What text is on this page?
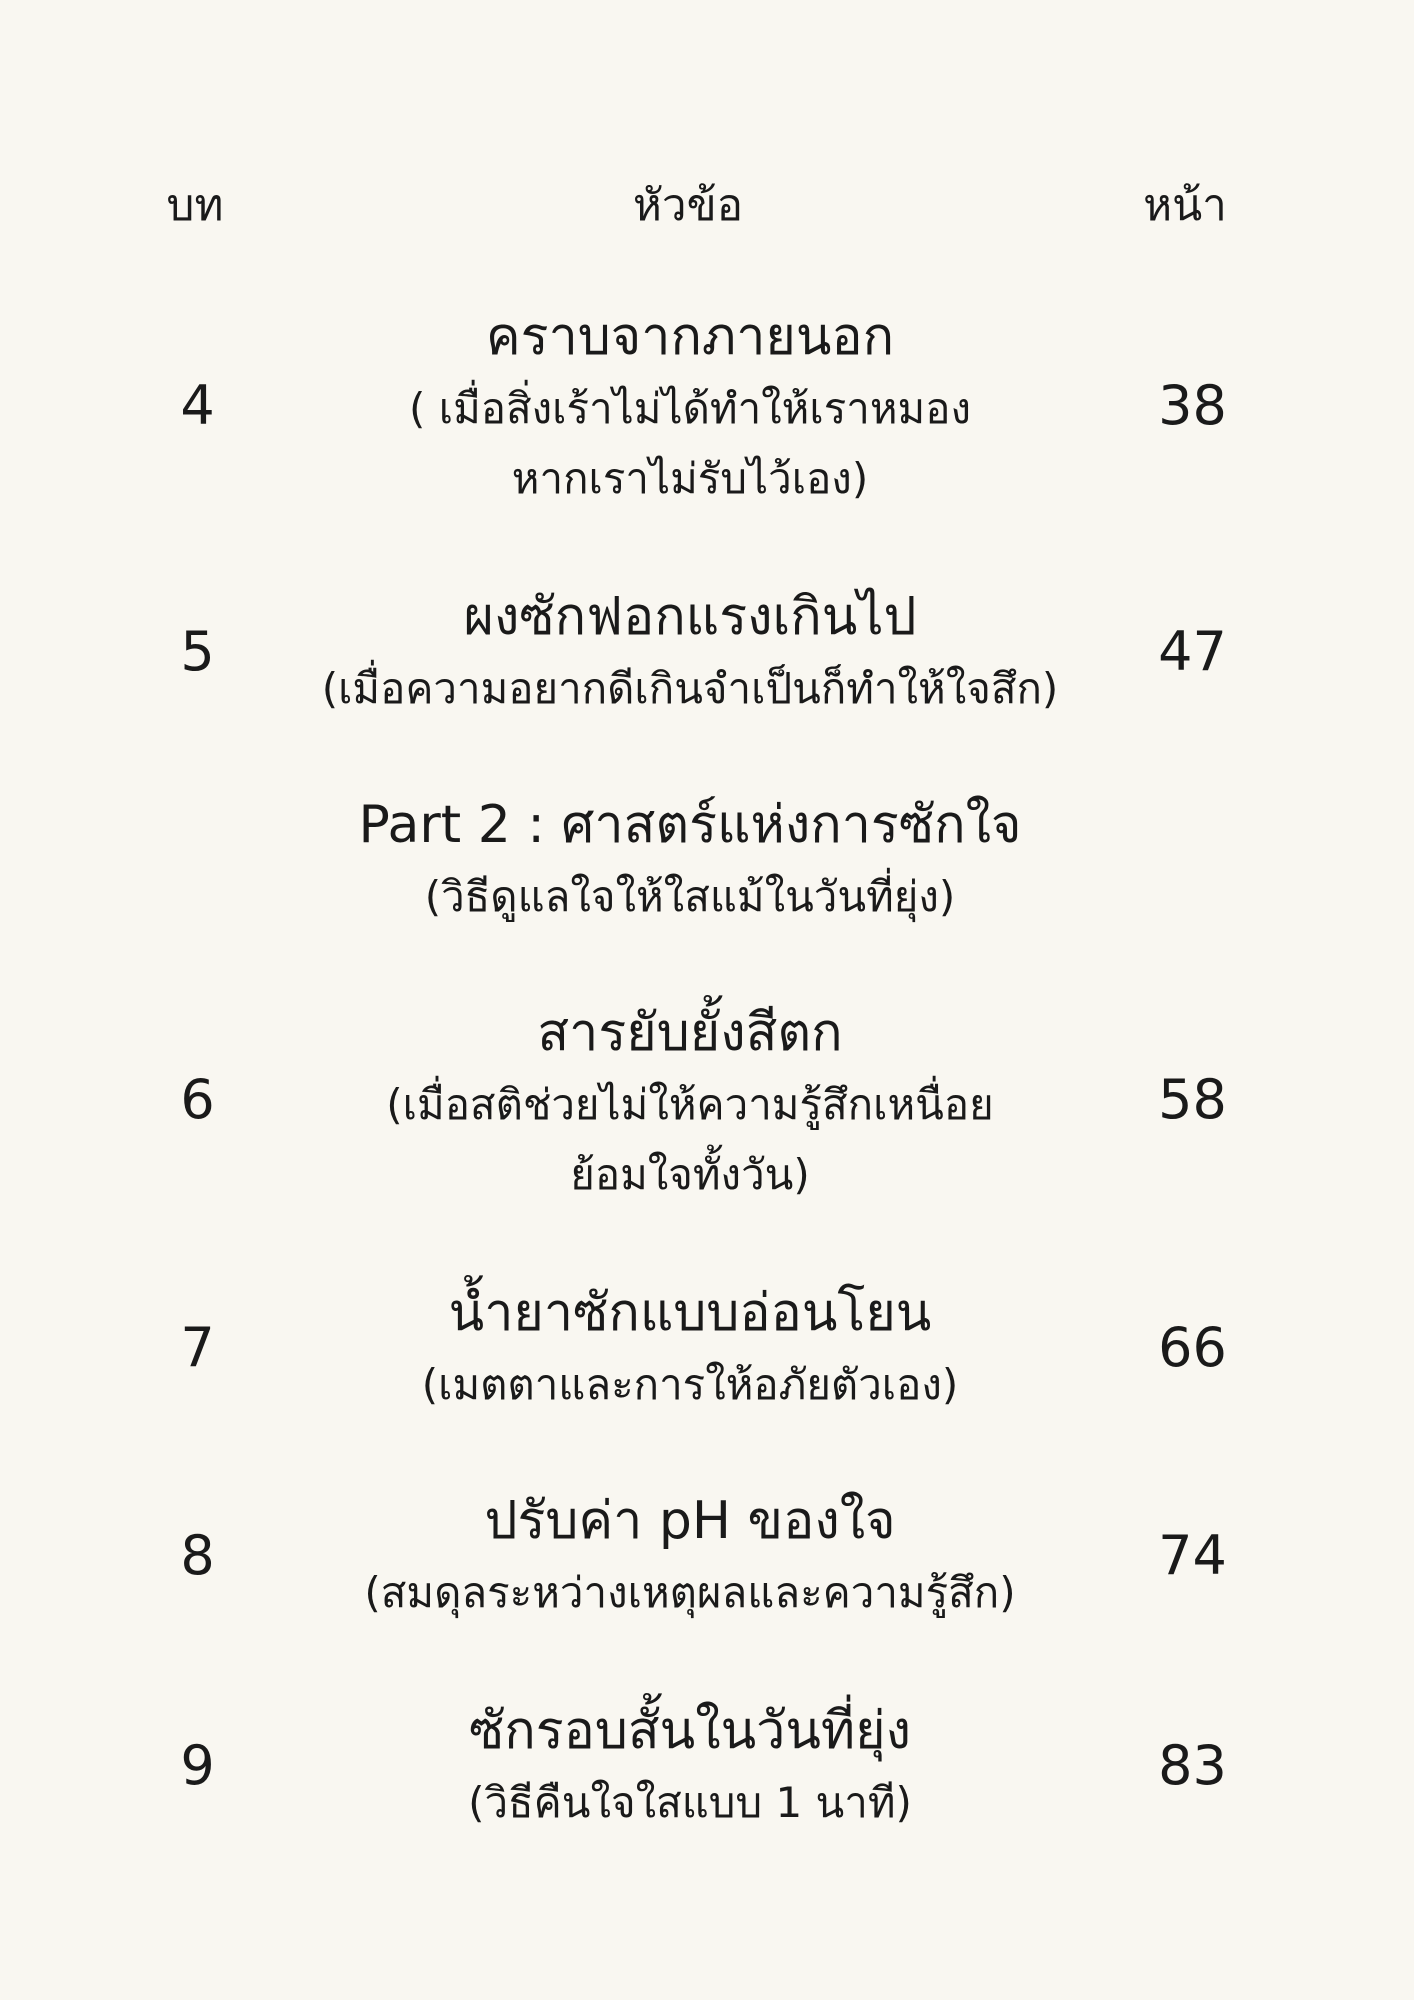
บท	หัวข้อ	หน้า
4
คราบจากภายนอก
( เมื่อสิ่งเร้าไม่ได้ทำให้เราหมอง
หากเราไม่รับไว้เอง)
38
5
ผงซักฟอกแรงเกินไป
(เมื่อความอยากดีเกินจำเป็นก็ทำให้ใจสึก)
47
Part 2 : ศาสตร์แห่งการซักใจ
(วิธีดูแลใจให้ใสแม้ในวันที่ยุ่ง)
6
สารยับยั้งสีตก
(เมื่อสติช่วยไม่ให้ความรู้สึกเหนื่อย
ย้อมใจทั้งวัน)
58
7
น้ำยาซักแบบอ่อนโยน
(เมตตาและการให้อภัยตัวเอง)
66
8
ปรับค่า pH ของใจ
(สมดุลระหว่างเหตุผลและความรู้สึก)
74
9
ซักรอบสั้นในวันที่ยุ่ง
(วิธีคืนใจใสแบบ 1 นาที)
83
